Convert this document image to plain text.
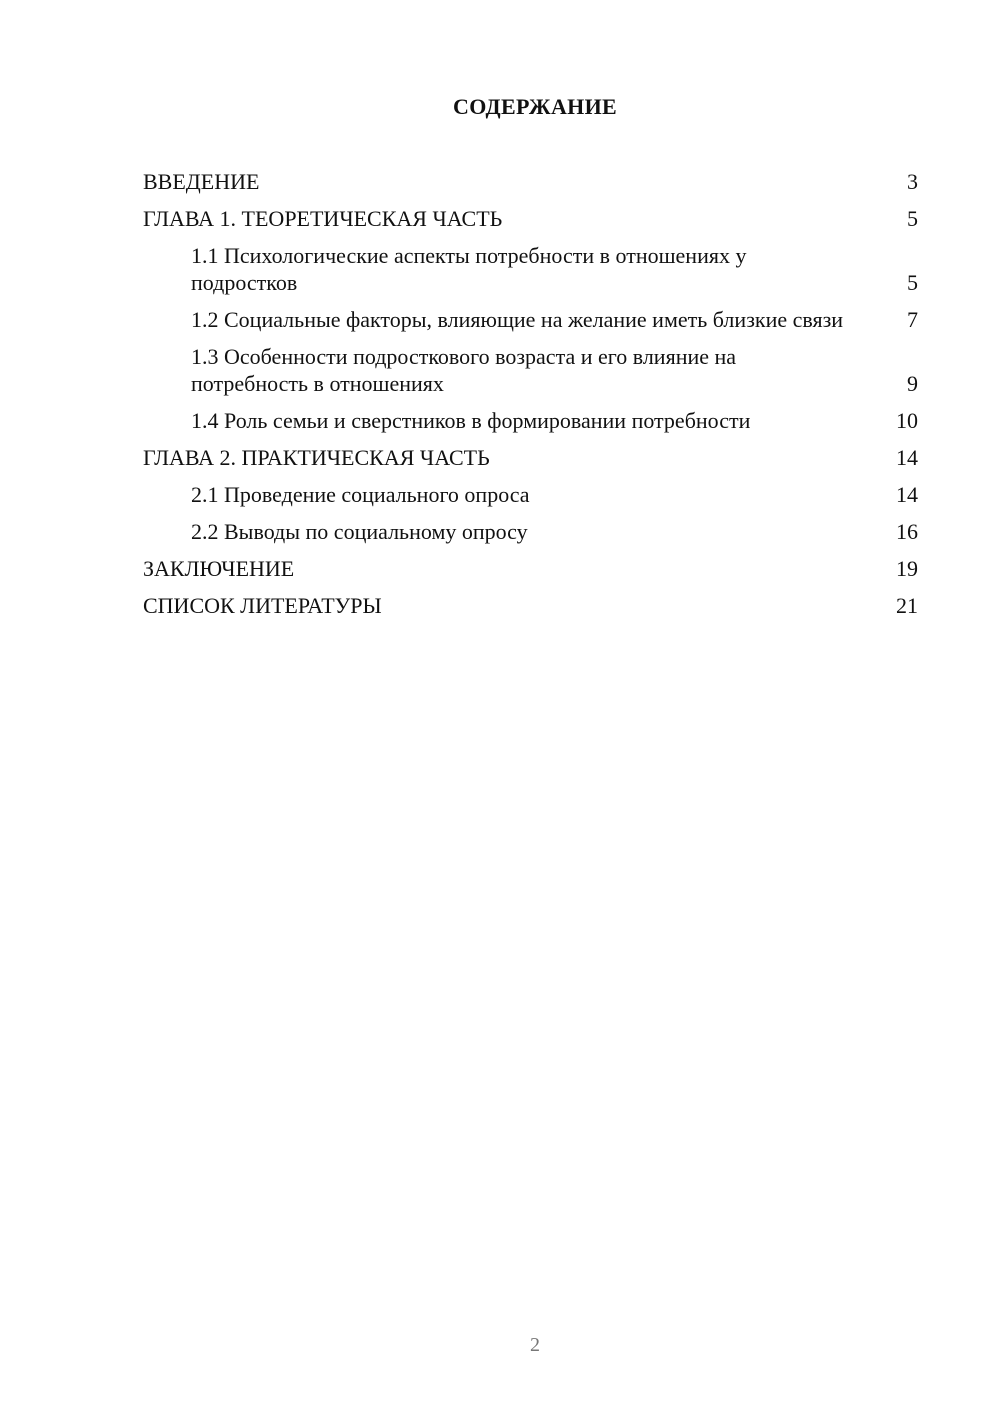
СОДЕРЖАНИЕ
ВВЕДЕНИЕ	3
ГЛАВА 1. ТЕОРЕТИЧЕСКАЯ ЧАСТЬ	5
1.1 Психологические аспекты потребности в отношениях у подростков	5
1.2 Социальные факторы, влияющие на желание иметь близкие связи	7
1.3 Особенности подросткового возраста и его влияние на потребность в отношениях	9
1.4 Роль семьи и сверстников в формировании потребности	10
ГЛАВА 2. ПРАКТИЧЕСКАЯ ЧАСТЬ	14
2.1 Проведение социального опроса	14
2.2 Выводы по социальному опросу	16
ЗАКЛЮЧЕНИЕ	19
СПИСОК ЛИТЕРАТУРЫ	21
2
